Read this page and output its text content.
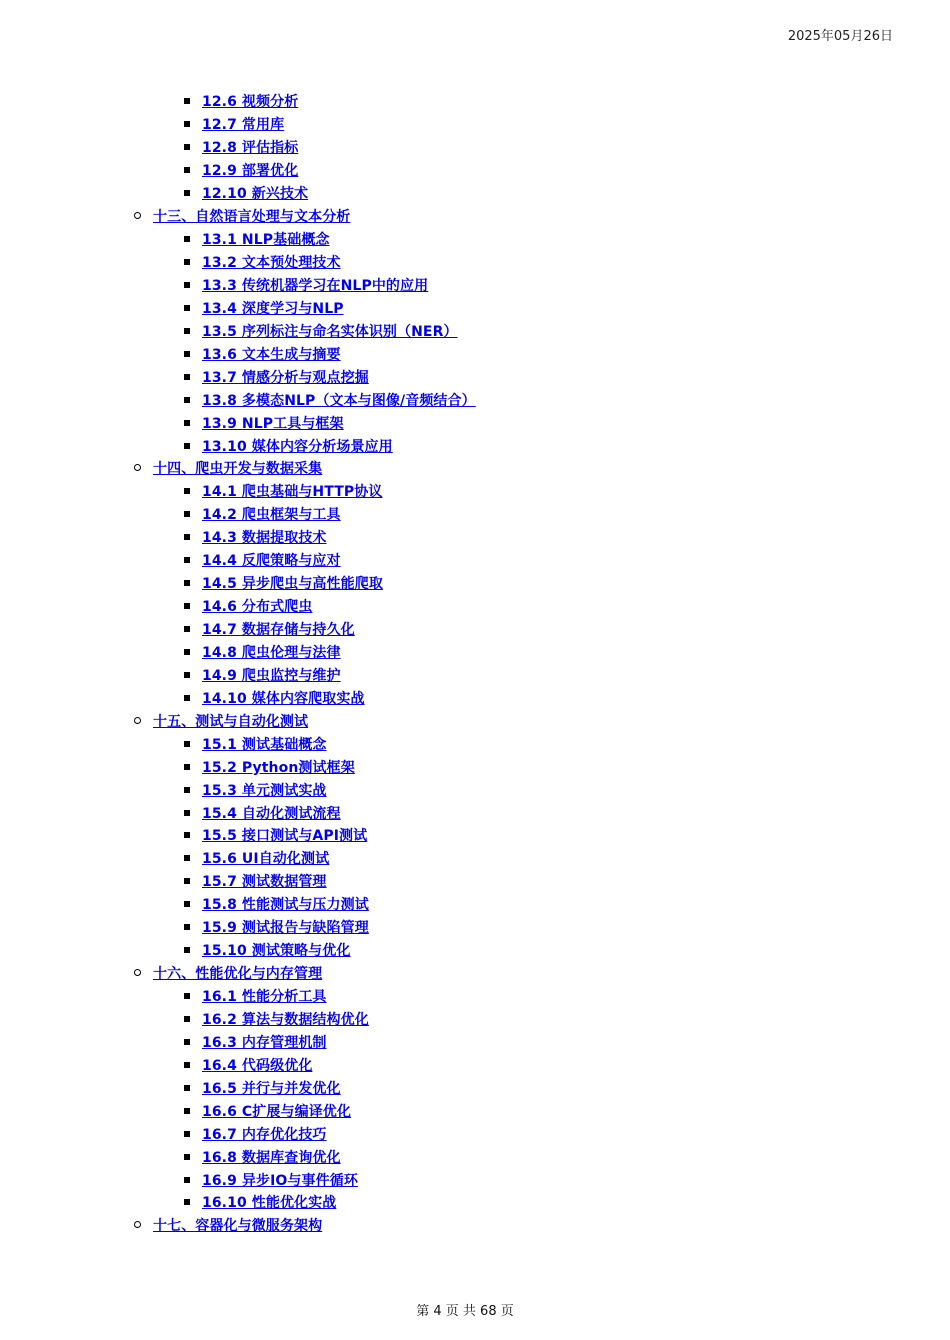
2025年05月26日
12.6 视频分析
12.7 常用库
12.8 评估指标
12.9 部署优化
12.10 新兴技术
十三、自然语言处理与文本分析
13.1 NLP基础概念
13.2 文本预处理技术
13.3 传统机器学习在NLP中的应用
13.4 深度学习与NLP
13.5 序列标注与命名实体识别（NER）
13.6 文本生成与摘要
13.7 情感分析与观点挖掘
13.8 多模态NLP（文本与图像/音频结合）
13.9 NLP工具与框架
13.10 媒体内容分析场景应用
十四、爬虫开发与数据采集
14.1 爬虫基础与HTTP协议
14.2 爬虫框架与工具
14.3 数据提取技术
14.4 反爬策略与应对
14.5 异步爬虫与高性能爬取
14.6 分布式爬虫
14.7 数据存储与持久化
14.8 爬虫伦理与法律
14.9 爬虫监控与维护
14.10 媒体内容爬取实战
十五、测试与自动化测试
15.1 测试基础概念
15.2 Python测试框架
15.3 单元测试实战
15.4 自动化测试流程
15.5 接口测试与API测试
15.6 UI自动化测试
15.7 测试数据管理
15.8 性能测试与压力测试
15.9 测试报告与缺陷管理
15.10 测试策略与优化
十六、性能优化与内存管理
16.1 性能分析工具
16.2 算法与数据结构优化
16.3 内存管理机制
16.4 代码级优化
16.5 并行与并发优化
16.6 C扩展与编译优化
16.7 内存优化技巧
16.8 数据库查询优化
16.9 异步IO与事件循环
16.10 性能优化实战
十七、容器化与微服务架构
第 4 页 共 68 页
